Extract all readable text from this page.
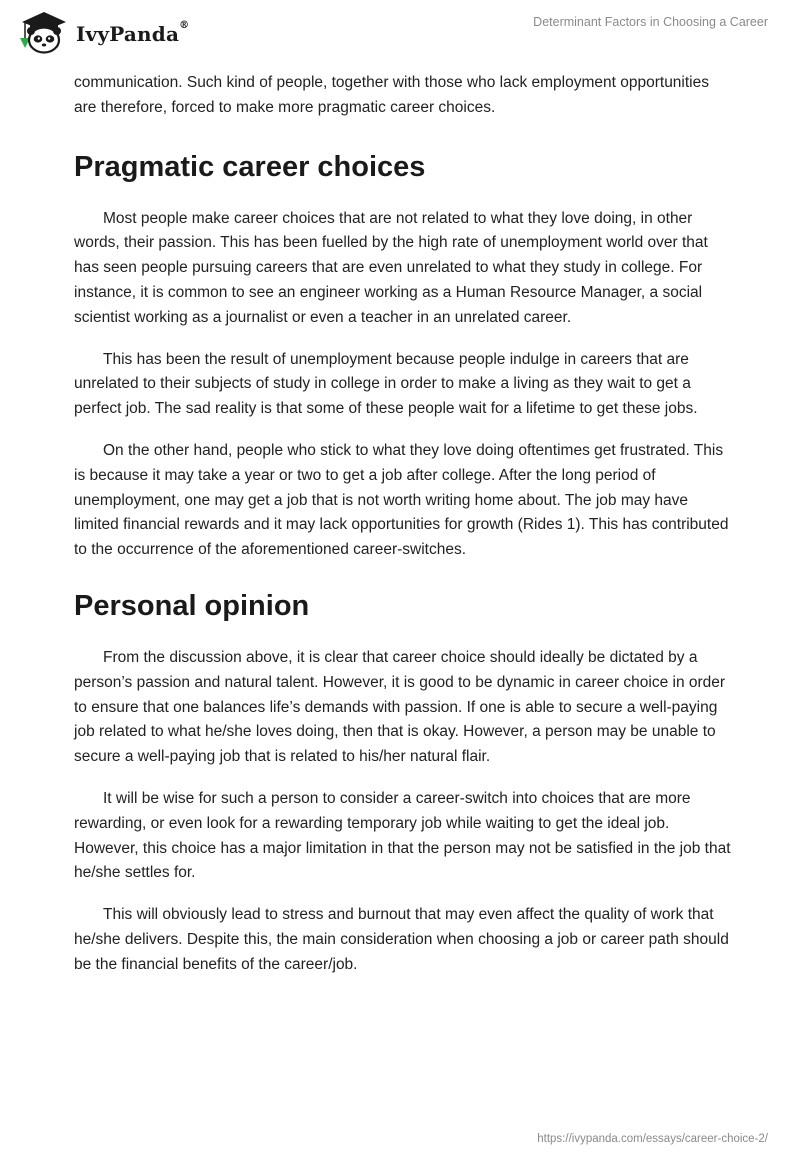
IvyPanda®	Determinant Factors in Choosing a Career

communication. Such kind of people, together with those who lack employment opportunities are therefore, forced to make more pragmatic career choices.

Pragmatic career choices

Most people make career choices that are not related to what they love doing, in other words, their passion. This has been fuelled by the high rate of unemployment world over that has seen people pursuing careers that are even unrelated to what they study in college. For instance, it is common to see an engineer working as a Human Resource Manager, a social scientist working as a journalist or even a teacher in an unrelated career.

This has been the result of unemployment because people indulge in careers that are unrelated to their subjects of study in college in order to make a living as they wait to get a perfect job. The sad reality is that some of these people wait for a lifetime to get these jobs.

On the other hand, people who stick to what they love doing oftentimes get frustrated. This is because it may take a year or two to get a job after college. After the long period of unemployment, one may get a job that is not worth writing home about. The job may have limited financial rewards and it may lack opportunities for growth (Rides 1). This has contributed to the occurrence of the aforementioned career-switches.

Personal opinion

From the discussion above, it is clear that career choice should ideally be dictated by a person’s passion and natural talent. However, it is good to be dynamic in career choice in order to ensure that one balances life’s demands with passion. If one is able to secure a well-paying job related to what he/she loves doing, then that is okay. However, a person may be unable to secure a well-paying job that is related to his/her natural flair.

It will be wise for such a person to consider a career-switch into choices that are more rewarding, or even look for a rewarding temporary job while waiting to get the ideal job. However, this choice has a major limitation in that the person may not be satisfied in the job that he/she settles for.

This will obviously lead to stress and burnout that may even affect the quality of work that he/she delivers. Despite this, the main consideration when choosing a job or career path should be the financial benefits of the career/job.

https://ivypanda.com/essays/career-choice-2/
